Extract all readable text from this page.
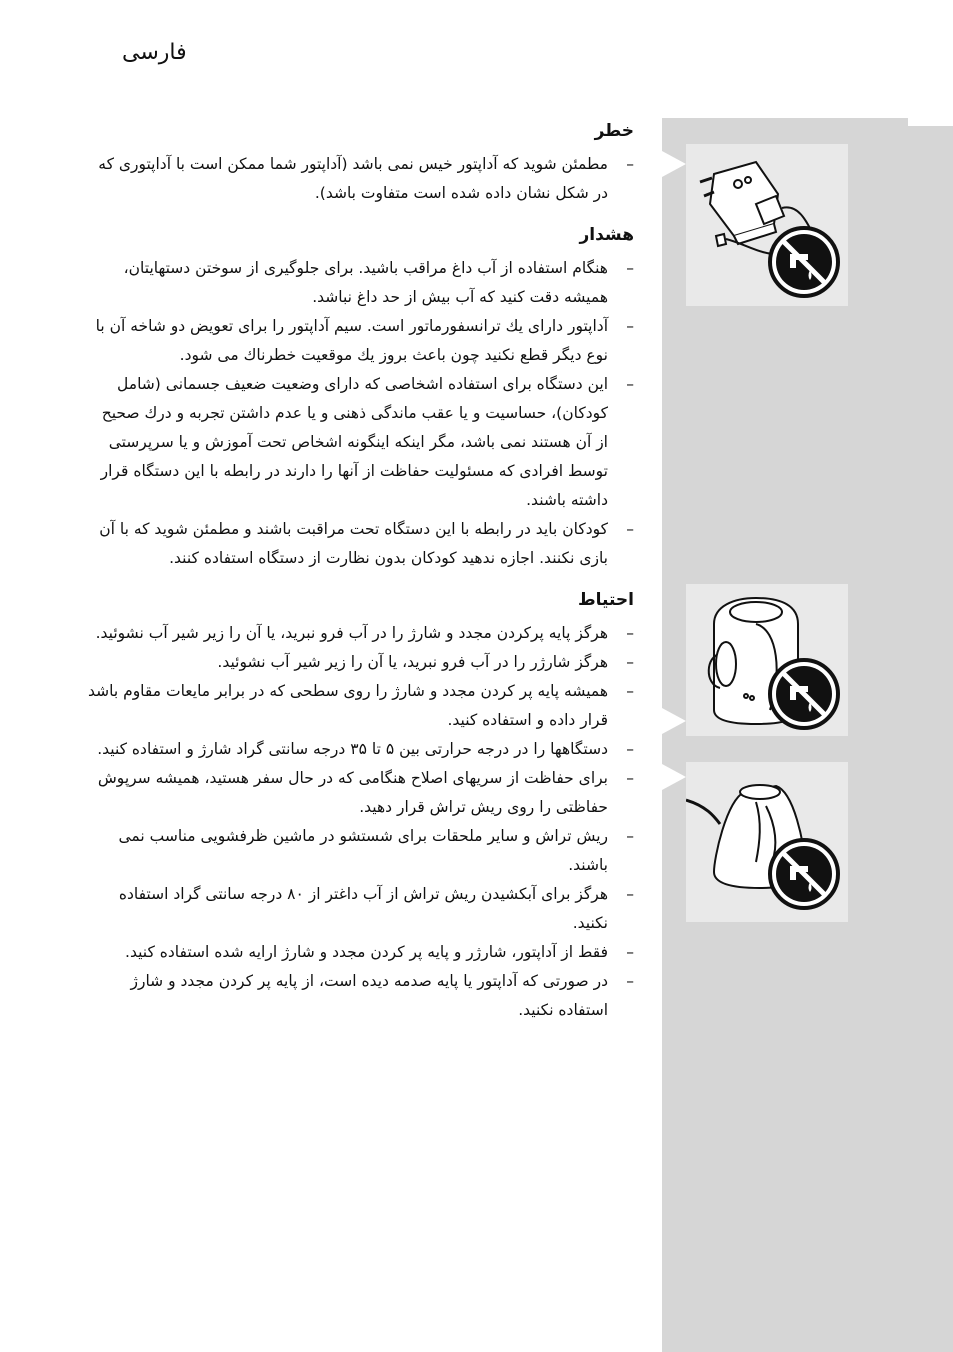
فارسی
خطر
–
مطمئن شوید که آداپتور خیس نمی باشد (آداپتور شما ممکن است با آداپتوری که در شکل نشان داده شده است متفاوت باشد).
هشدار
–
هنگام استفاده از آب داغ مراقب باشید. برای جلوگیری از سوختن دستهایتان، همیشه دقت کنید که آب بیش از حد داغ نباشد.
–
آداپتور دارای یك ترانسفورماتور است. سیم آداپتور را برای تعویض دو شاخه آن با نوع دیگر قطع نکنید چون باعث بروز یك موقعیت خطرناك می شود.
–
این دستگاه برای استفاده اشخاصی که دارای وضعیت ضعیف جسمانی (شامل کودکان)، حساسیت و یا عقب ماندگی ذهنی و یا عدم داشتن تجربه و درك صحیح از آن هستند نمی باشد، مگر اینکه اینگونه اشخاص تحت آموزش و یا سرپرستی توسط افرادی که مسئولیت حفاظت از آنها را دارند در رابطه با این دستگاه قرار داشته باشند.
–
کودکان باید در رابطه با این دستگاه تحت مراقبت باشند و مطمئن شوید که با آن بازی نکنند. اجازه ندهید کودکان بدون نظارت از دستگاه استفاده کنند.
احتیاط
–
هرگز پایه پرکردن مجدد و شارژ را در آب فرو نبرید، یا آن را زیر شیر آب نشوئید.
–
هرگز شارژر را در آب فرو نبرید، یا آن را زیر شیر آب نشوئید.
–
همیشه پایه پر کردن مجدد و شارژ را روی سطحی که در برابر مایعات مقاوم باشد قرار داده و استفاده کنید.
–
دستگاهها را در درجه حرارتی بین ۵ تا ۳۵ درجه سانتی گراد شارژ و استفاده کنید.
–
برای حفاظت از سریهای اصلاح هنگامی که در حال سفر هستید، همیشه سرپوش حفاظتی را روی ریش تراش قرار دهید.
–
ریش تراش و سایر ملحقات برای شستشو در ماشین ظرفشویی مناسب نمی باشند.
–
هرگز برای آبکشیدن ریش تراش از آب داغتر از ۸۰ درجه سانتی گراد استفاده نکنید.
–
فقط از آداپتور، شارژر و پایه پر کردن مجدد و شارژ ارایه شده استفاده کنید.
–
در صورتی که آداپتور یا پایه صدمه دیده است، از پایه پر کردن مجدد و شارژ استفاده نکنید.
